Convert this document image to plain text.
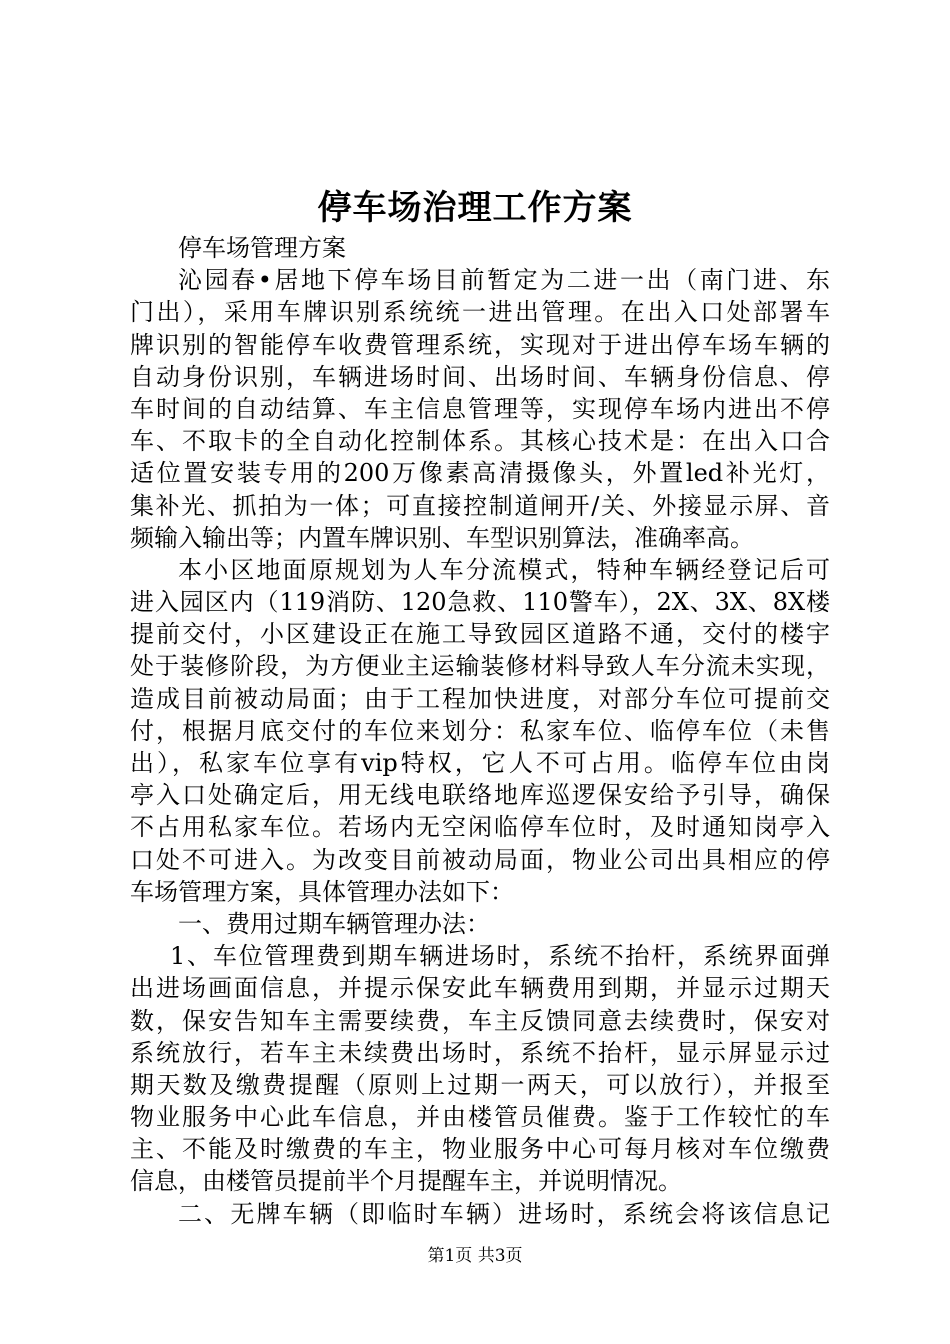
停车场治理工作方案
停车场管理方案
沁园春•居地下停车场目前暂定为二进一出（南门进、东
门出），采用车牌识别系统统一进出管理。在出入口处部署车
牌识别的智能停车收费管理系统，实现对于进出停车场车辆的
自动身份识别，车辆进场时间、出场时间、车辆身份信息、停
车时间的自动结算、车主信息管理等，实现停车场内进出不停
车、不取卡的全自动化控制体系。其核心技术是：在出入口合
适位置安装专用的200万像素高清摄像头，外置led补光灯，
集补光、抓拍为一体；可直接控制道闸开/关、外接显示屏、音
频输入输出等；内置车牌识别、车型识别算法，准确率高。
本小区地面原规划为人车分流模式，特种车辆经登记后可
进入园区内（119消防、120急救、110警车），2X、3X、8X楼
提前交付，小区建设正在施工导致园区道路不通，交付的楼宇
处于装修阶段，为方便业主运输装修材料导致人车分流未实现，
造成目前被动局面；由于工程加快进度，对部分车位可提前交
付，根据月底交付的车位来划分：私家车位、临停车位（未售
出），私家车位享有vip特权，它人不可占用。临停车位由岗
亭入口处确定后，用无线电联络地库巡逻保安给予引导，确保
不占用私家车位。若场内无空闲临停车位时，及时通知岗亭入
口处不可进入。为改变目前被动局面，物业公司出具相应的停
车场管理方案，具体管理办法如下：
一、费用过期车辆管理办法：
1、车位管理费到期车辆进场时，系统不抬杆，系统界面弹
出进场画面信息，并提示保安此车辆费用到期，并显示过期天
数，保安告知车主需要续费，车主反馈同意去续费时，保安对
系统放行，若车主未续费出场时，系统不抬杆，显示屏显示过
期天数及缴费提醒（原则上过期一两天，可以放行），并报至
物业服务中心此车信息，并由楼管员催费。鉴于工作较忙的车
主、不能及时缴费的车主，物业服务中心可每月核对车位缴费
信息，由楼管员提前半个月提醒车主，并说明情况。
二、无牌车辆（即临时车辆）进场时，系统会将该信息记
第1页 共3页
